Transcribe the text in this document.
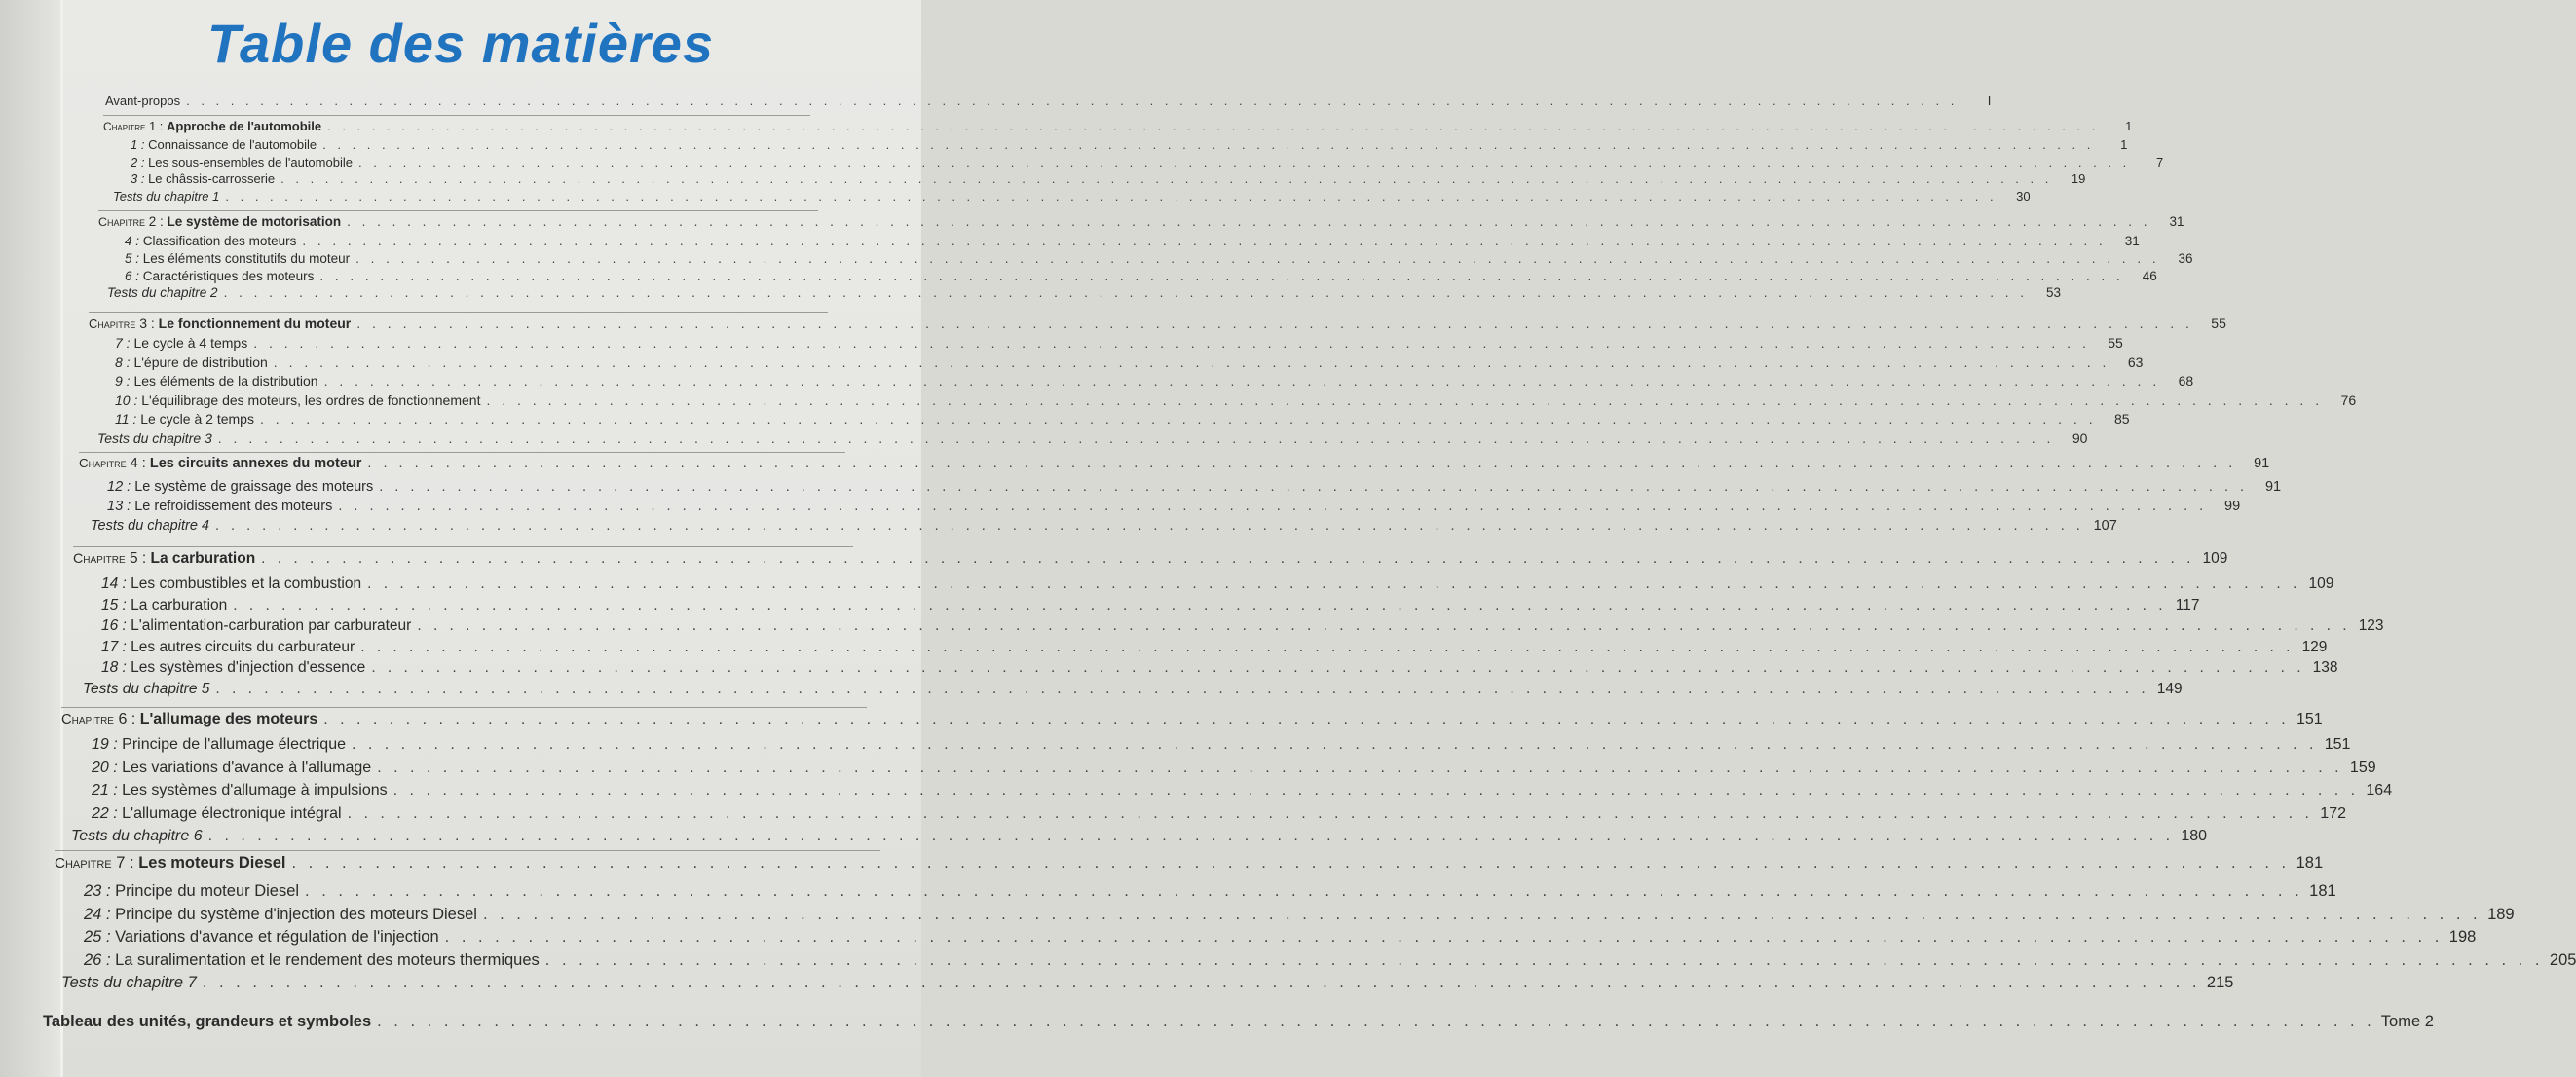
Table des matières
Avant-propos . . . . . . . . . . . . . . . . . . . . . . . . . . . . . . . . . . . . . . . . . . . . . . . . . . . . . . . . . . . . . . . . . . . . . . . . . . . . . . . . . . . . . . . . . . . . . . . . . . . . . . . . . . . . . . . . . . . . . . . .	I
Chapitre 1 : Approche de l'automobile . . . . . . . . . . . . . . . . . . . . . . . . . . . . . . . . . . . . . . . . . . . . . . . . . . . . . . . . . . . . . . . . . . . . . . . . . . . . . . . . . . . . . . . . . . . . . . . . . . . . . . . . . . . . . . . . . . . . . . . .	1
1 : Connaissance de l'automobile . . . . . . . . . . . . . . . . . . . . . . . . . . . . . . . . . . . . . . . . . . . . . . . . . . . . . . . . . . . . . . . . . . . . . . . . . . . . . . . . . . . . . . . . . . . . . . . . . . . . . . . . . . . . . . . . . . . . . . . .	1
2 : Les sous-ensembles de l'automobile . . . . . . . . . . . . . . . . . . . . . . . . . . . . . . . . . . . . . . . . . . . . . . . . . . . . . . . . . . . . . . . . . . . . . . . . . . . . . . . . . . . . . . . . . . . . . . . . . . . . . . . . . . . . . . . . . . . . . . . .	7
3 : Le châssis-carrosserie . . . . . . . . . . . . . . . . . . . . . . . . . . . . . . . . . . . . . . . . . . . . . . . . . . . . . . . . . . . . . . . . . . . . . . . . . . . . . . . . . . . . . . . . . . . . . . . . . . . . . . . . . . . . . . . . . . . . . . . .	19
Tests du chapitre 1 . . . . . . . . . . . . . . . . . . . . . . . . . . . . . . . . . . . . . . . . . . . . . . . . . . . . . . . . . . . . . . . . . . . . . . . . . . . . . . . . . . . . . . . . . . . . . . . . . . . . . . . . . . . . . . . . . . . . . . . .	30
Chapitre 2 : Le système de motorisation . . . . . . . . . . . . . . . . . . . . . . . . . . . . . . . . . . . . . . . . . . . . . . . . . . . . . . . . . . . . . . . . . . . . . . . . . . . . . . . . . . . . . . . . . . . . . . . . . . . . . . . . . . . . . . . . . . . . . . . .	31
4 : Classification des moteurs . . . . . . . . . . . . . . . . . . . . . . . . . . . . . . . . . . . . . . . . . . . . . . . . . . . . . . . . . . . . . . . . . . . . . . . . . . . . . . . . . . . . . . . . . . . . . . . . . . . . . . . . . . . . . . . . . . . . . . . .	31
5 : Les éléments constitutifs du moteur . . . . . . . . . . . . . . . . . . . . . . . . . . . . . . . . . . . . . . . . . . . . . . . . . . . . . . . . . . . . . . . . . . . . . . . . . . . . . . . . . . . . . . . . . . . . . . . . . . . . . . . . . . . . . . . . . . . . . . . .	36
6 : Caractéristiques des moteurs . . . . . . . . . . . . . . . . . . . . . . . . . . . . . . . . . . . . . . . . . . . . . . . . . . . . . . . . . . . . . . . . . . . . . . . . . . . . . . . . . . . . . . . . . . . . . . . . . . . . . . . . . . . . . . . . . . . . . . . .	46
Tests du chapitre 2 . . . . . . . . . . . . . . . . . . . . . . . . . . . . . . . . . . . . . . . . . . . . . . . . . . . . . . . . . . . . . . . . . . . . . . . . . . . . . . . . . . . . . . . . . . . . . . . . . . . . . . . . . . . . . . . . . . . . . . . .	53
Chapitre 3 : Le fonctionnement du moteur . . . . . . . . . . . . . . . . . . . . . . . . . . . . . . . . . . . . . . . . . . . . . . . . . . . . . . . . . . . . . . . . . . . . . . . . . . . . . . . . . . . . . . . . . . . . . . . . . . . . . . . . . . . . . . . . . . . . . . . .	55
7 : Le cycle à 4 temps . . . . . . . . . . . . . . . . . . . . . . . . . . . . . . . . . . . . . . . . . . . . . . . . . . . . . . . . . . . . . . . . . . . . . . . . . . . . . . . . . . . . . . . . . . . . . . . . . . . . . . . . . . . . . . . . . . . . . . . .	55
8 : L'épure de distribution . . . . . . . . . . . . . . . . . . . . . . . . . . . . . . . . . . . . . . . . . . . . . . . . . . . . . . . . . . . . . . . . . . . . . . . . . . . . . . . . . . . . . . . . . . . . . . . . . . . . . . . . . . . . . . . . . . . . . . . .	63
9 : Les éléments de la distribution . . . . . . . . . . . . . . . . . . . . . . . . . . . . . . . . . . . . . . . . . . . . . . . . . . . . . . . . . . . . . . . . . . . . . . . . . . . . . . . . . . . . . . . . . . . . . . . . . . . . . . . . . . . . . . . . . . . . . . . .	68
10 : L'équilibrage des moteurs, les ordres de fonctionnement . . . . . . . . . . . . . . . . . . . . . . . . . . . . . . . . . . . . . . . . . . . . . . . . . . . . . . . . . . . . . . . . . . . . . . . . . . . . . . . . . . . . . . . . . . . . . . . . . . . . . . . . . . . . . . . . . . . . . . . .	76
11 : Le cycle à 2 temps . . . . . . . . . . . . . . . . . . . . . . . . . . . . . . . . . . . . . . . . . . . . . . . . . . . . . . . . . . . . . . . . . . . . . . . . . . . . . . . . . . . . . . . . . . . . . . . . . . . . . . . . . . . . . . . . . . . . . . . .	85
Tests du chapitre 3 . . . . . . . . . . . . . . . . . . . . . . . . . . . . . . . . . . . . . . . . . . . . . . . . . . . . . . . . . . . . . . . . . . . . . . . . . . . . . . . . . . . . . . . . . . . . . . . . . . . . . . . . . . . . . . . . . . . . . . . .	90
Chapitre 4 : Les circuits annexes du moteur . . . . . . . . . . . . . . . . . . . . . . . . . . . . . . . . . . . . . . . . . . . . . . . . . . . . . . . . . . . . . . . . . . . . . . . . . . . . . . . . . . . . . . . . . . . . . . . . . . . . . . . . . . . . . . . . . . . . . . . .	91
12 : Le système de graissage des moteurs . . . . . . . . . . . . . . . . . . . . . . . . . . . . . . . . . . . . . . . . . . . . . . . . . . . . . . . . . . . . . . . . . . . . . . . . . . . . . . . . . . . . . . . . . . . . . . . . . . . . . . . . . . . . . . . . . . . . . . . .	91
13 : Le refroidissement des moteurs . . . . . . . . . . . . . . . . . . . . . . . . . . . . . . . . . . . . . . . . . . . . . . . . . . . . . . . . . . . . . . . . . . . . . . . . . . . . . . . . . . . . . . . . . . . . . . . . . . . . . . . . . . . . . . . . . . . . . . . .	99
Tests du chapitre 4 . . . . . . . . . . . . . . . . . . . . . . . . . . . . . . . . . . . . . . . . . . . . . . . . . . . . . . . . . . . . . . . . . . . . . . . . . . . . . . . . . . . . . . . . . . . . . . . . . . . . . . . . . . . . . . . . . . . . . . . . 107
Chapitre 5 : La carburation . . . . . . . . . . . . . . . . . . . . . . . . . . . . . . . . . . . . . . . . . . . . . . . . . . . . . . . . . . . . . . . . . . . . . . . . . . . . . . . . . . . . . . . . . . . . . . . . . . . . . . . . . . . . . . . . . . . . . . . . 109
14 : Les combustibles et la combustion . . . . . . . . . . . . . . . . . . . . . . . . . . . . . . . . . . . . . . . . . . . . . . . . . . . . . . . . . . . . . . . . . . . . . . . . . . . . . . . . . . . . . . . . . . . . . . . . . . . . . . . . . . . . . . . . . . . . . . . . 109
15 : La carburation . . . . . . . . . . . . . . . . . . . . . . . . . . . . . . . . . . . . . . . . . . . . . . . . . . . . . . . . . . . . . . . . . . . . . . . . . . . . . . . . . . . . . . . . . . . . . . . . . . . . . . . . . . . . . . . . . . . . . . . . 117
16 : L'alimentation-carburation par carburateur . . . . . . . . . . . . . . . . . . . . . . . . . . . . . . . . . . . . . . . . . . . . . . . . . . . . . . . . . . . . . . . . . . . . . . . . . . . . . . . . . . . . . . . . . . . . . . . . . . . . . . . . . . . . . . . . . . . . . . . . 123
17 : Les autres circuits du carburateur . . . . . . . . . . . . . . . . . . . . . . . . . . . . . . . . . . . . . . . . . . . . . . . . . . . . . . . . . . . . . . . . . . . . . . . . . . . . . . . . . . . . . . . . . . . . . . . . . . . . . . . . . . . . . . . . . . . . . . . . 129
18 : Les systèmes d'injection d'essence . . . . . . . . . . . . . . . . . . . . . . . . . . . . . . . . . . . . . . . . . . . . . . . . . . . . . . . . . . . . . . . . . . . . . . . . . . . . . . . . . . . . . . . . . . . . . . . . . . . . . . . . . . . . . . . . . . . . . . . . 138
Tests du chapitre 5 . . . . . . . . . . . . . . . . . . . . . . . . . . . . . . . . . . . . . . . . . . . . . . . . . . . . . . . . . . . . . . . . . . . . . . . . . . . . . . . . . . . . . . . . . . . . . . . . . . . . . . . . . . . . . . . . . . . . . . . . 149
Chapitre 6 : L'allumage des moteurs . . . . . . . . . . . . . . . . . . . . . . . . . . . . . . . . . . . . . . . . . . . . . . . . . . . . . . . . . . . . . . . . . . . . . . . . . . . . . . . . . . . . . . . . . . . . . . . . . . . . . . . . . . . . . . . . . . . . . . . . 151
19 : Principe de l'allumage électrique . . . . . . . . . . . . . . . . . . . . . . . . . . . . . . . . . . . . . . . . . . . . . . . . . . . . . . . . . . . . . . . . . . . . . . . . . . . . . . . . . . . . . . . . . . . . . . . . . . . . . . . . . . . . . . . . . . . . . . . . 151
20 : Les variations d'avance à l'allumage . . . . . . . . . . . . . . . . . . . . . . . . . . . . . . . . . . . . . . . . . . . . . . . . . . . . . . . . . . . . . . . . . . . . . . . . . . . . . . . . . . . . . . . . . . . . . . . . . . . . . . . . . . . . . . . . . . . . . . . . 159
21 : Les systèmes d'allumage à impulsions . . . . . . . . . . . . . . . . . . . . . . . . . . . . . . . . . . . . . . . . . . . . . . . . . . . . . . . . . . . . . . . . . . . . . . . . . . . . . . . . . . . . . . . . . . . . . . . . . . . . . . . . . . . . . . . . . . . . . . . . 164
22 : L'allumage électronique intégral . . . . . . . . . . . . . . . . . . . . . . . . . . . . . . . . . . . . . . . . . . . . . . . . . . . . . . . . . . . . . . . . . . . . . . . . . . . . . . . . . . . . . . . . . . . . . . . . . . . . . . . . . . . . . . . . . . . . . . . . 172
Tests du chapitre 6 . . . . . . . . . . . . . . . . . . . . . . . . . . . . . . . . . . . . . . . . . . . . . . . . . . . . . . . . . . . . . . . . . . . . . . . . . . . . . . . . . . . . . . . . . . . . . . . . . . . . . . . . . . . . . . . . . . . . . . . . 180
Chapitre 7 : Les moteurs Diesel . . . . . . . . . . . . . . . . . . . . . . . . . . . . . . . . . . . . . . . . . . . . . . . . . . . . . . . . . . . . . . . . . . . . . . . . . . . . . . . . . . . . . . . . . . . . . . . . . . . . . . . . . . . . . . . . . . . . . . . . 181
23 : Principe du moteur Diesel . . . . . . . . . . . . . . . . . . . . . . . . . . . . . . . . . . . . . . . . . . . . . . . . . . . . . . . . . . . . . . . . . . . . . . . . . . . . . . . . . . . . . . . . . . . . . . . . . . . . . . . . . . . . . . . . . . . . . . . . 181
24 : Principe du système d'injection des moteurs Diesel . . . . . . . . . . . . . . . . . . . . . . . . . . . . . . . . . . . . . . . . . . . . . . . . . . . . . . . . . . . . . . . . . . . . . . . . . . . . . . . . . . . . . . . . . . . . . . . . . . . . . . . . . . . . . . . . . . . . . . . . 189
25 : Variations d'avance et régulation de l'injection . . . . . . . . . . . . . . . . . . . . . . . . . . . . . . . . . . . . . . . . . . . . . . . . . . . . . . . . . . . . . . . . . . . . . . . . . . . . . . . . . . . . . . . . . . . . . . . . . . . . . . . . . . . . . . . . . . . . . . . . 198
26 : La suralimentation et le rendement des moteurs thermiques . . . . . . . . . . . . . . . . . . . . . . . . . . . . . . . . . . . . . . . . . . . . . . . . . . . . . . . . . . . . . . . . . . . . . . . . . . . . . . . . . . . . . . . . . . . . . . . . . . . . . . . . . . . . . . . . . . . . . . . . 205
Tests du chapitre 7 . . . . . . . . . . . . . . . . . . . . . . . . . . . . . . . . . . . . . . . . . . . . . . . . . . . . . . . . . . . . . . . . . . . . . . . . . . . . . . . . . . . . . . . . . . . . . . . . . . . . . . . . . . . . . . . . . . . . . . . . 215
Tableau des unités, grandeurs et symboles . . . . . . . . . . . . . . . . . . . . . . . . . . . . . . . . . . . . . . . . . . . . . . . . . . . . . . . . . . . . . . . . . . . . . . . . . . . . . . . . . . . . . . . . . . . . . . . . . . . . . . . . . . . . . . . . . . . . . . . . Tome 2
